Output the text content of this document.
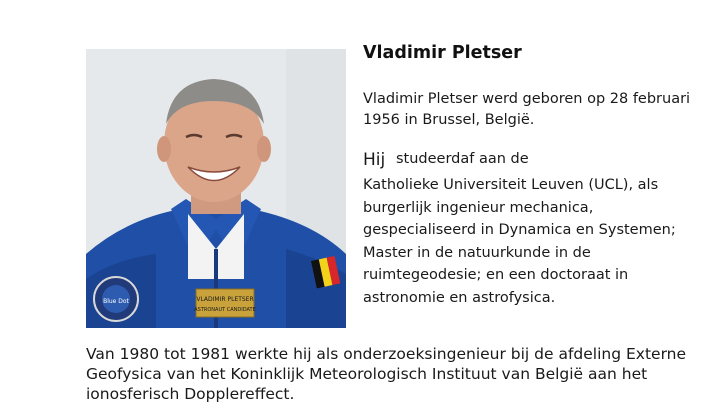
VLADIMIR PLETSER
ASTRONAUT CANDIDATE
Blue Dot
Vladimir Pletser
Vladimir Pletser werd geboren op 28 februari 1956 in Brussel, België.
Hij studeerdaf aan de
Katholieke Universiteit Leuven (UCL), als
burgerlijk ingenieur mechanica,
gespecialiseerd in Dynamica en Systemen;
Master in de natuurkunde in de
ruimtegeodesie; en een doctoraat in
astronomie en astrofysica.
Van 1980 tot 1981 werkte hij als onderzoeksingenieur bij de afdeling Externe
Geofysica van het Koninklijk Meteorologisch Instituut van België aan het
ionosferisch Dopplereffect.
